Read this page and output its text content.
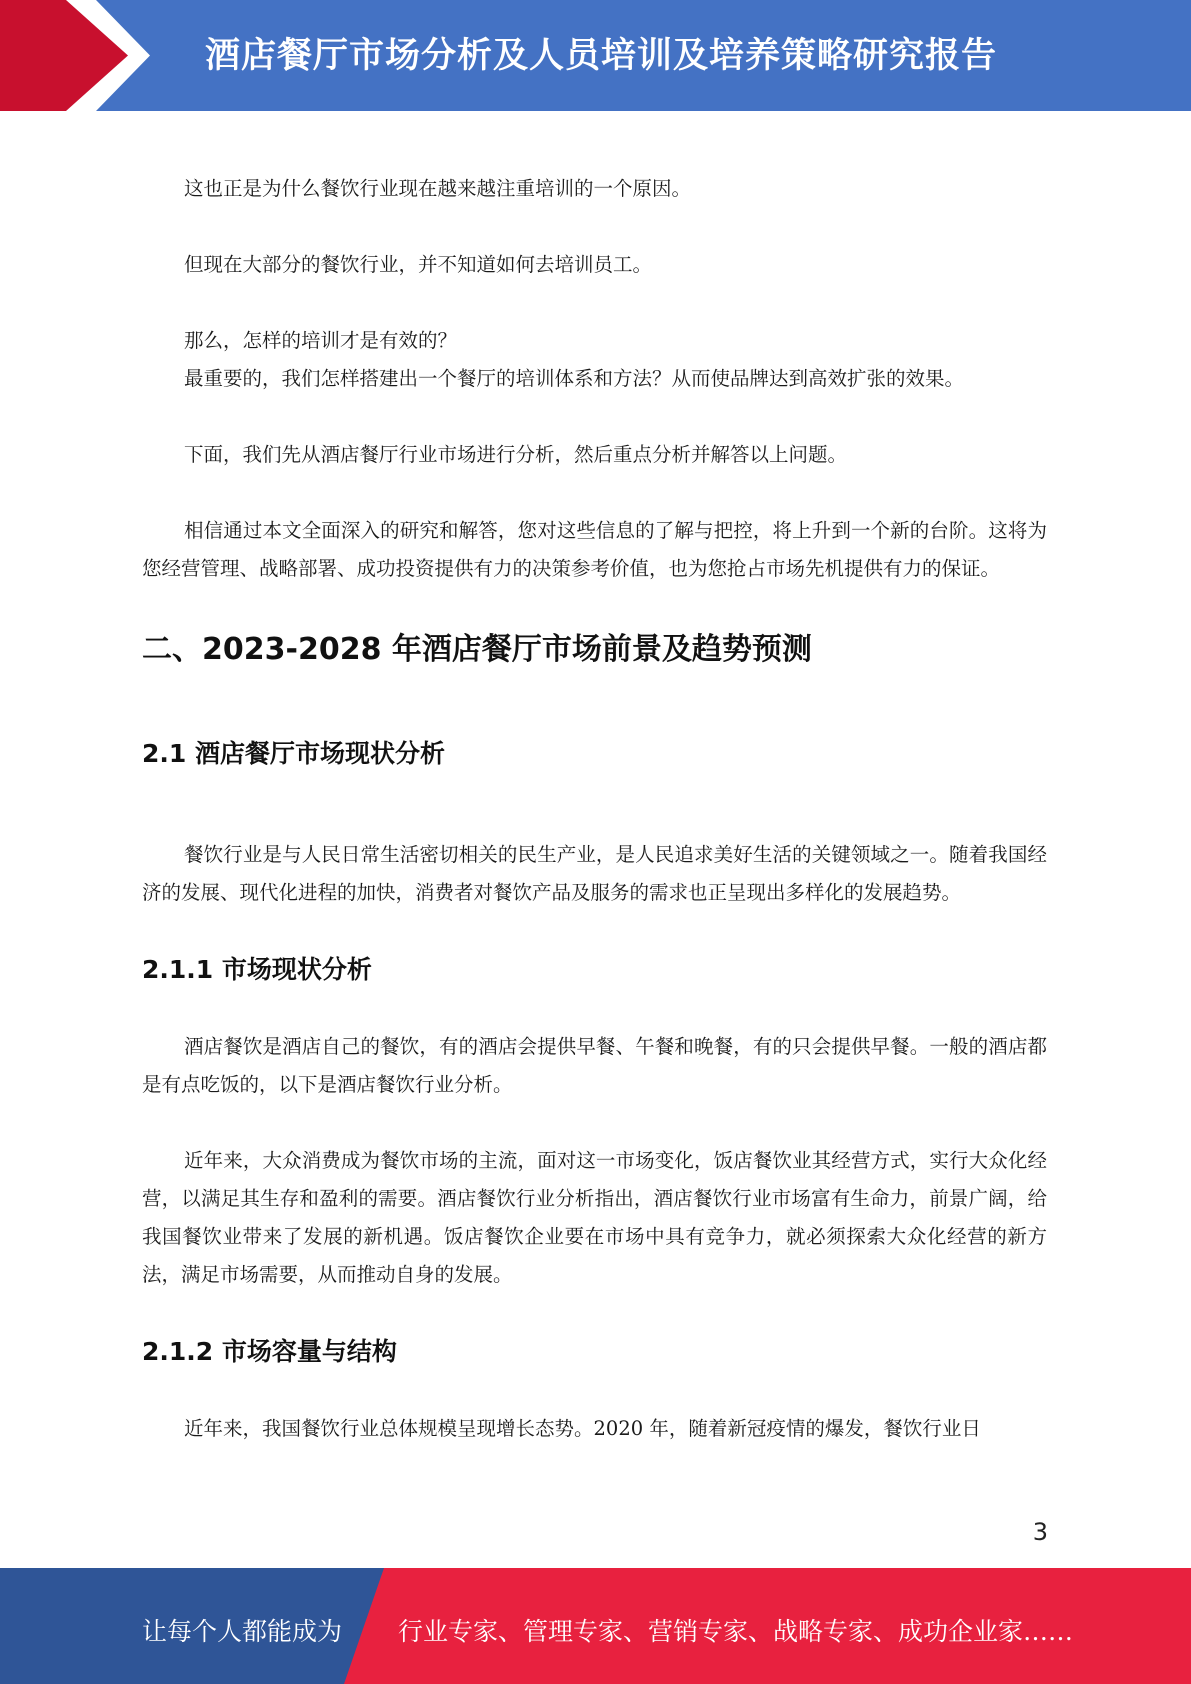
酒店餐厅市场分析及人员培训及培养策略研究报告

这也正是为什么餐饮行业现在越来越注重培训的一个原因。

但现在大部分的餐饮行业，并不知道如何去培训员工。

那么，怎样的培训才是有效的？

最重要的，我们怎样搭建出一个餐厅的培训体系和方法？从而使品牌达到高效扩张的效果。

下面，我们先从酒店餐厅行业市场进行分析，然后重点分析并解答以上问题。

相信通过本文全面深入的研究和解答，您对这些信息的了解与把控，将上升到一个新的台阶。这将为您经营管理、战略部署、成功投资提供有力的决策参考价值，也为您抢占市场先机提供有力的保证。

二、2023-2028 年酒店餐厅市场前景及趋势预测
2.1 酒店餐厅市场现状分析

餐饮行业是与人民日常生活密切相关的民生产业，是人民追求美好生活的关键领域之一。随着我国经济的发展、现代化进程的加快，消费者对餐饮产品及服务的需求也正呈现出多样化的发展趋势。

2.1.1 市场现状分析

酒店餐饮是酒店自己的餐饮，有的酒店会提供早餐、午餐和晚餐，有的只会提供早餐。一般的酒店都是有点吃饭的，以下是酒店餐饮行业分析。

近年来，大众消费成为餐饮市场的主流，面对这一市场变化，饭店餐饮业其经营方式，实行大众化经营，以满足其生存和盈利的需要。酒店餐饮行业分析指出，酒店餐饮行业市场富有生命力，前景广阔，给我国餐饮业带来了发展的新机遇。饭店餐饮企业要在市场中具有竞争力，就必须探索大众化经营的新方法，满足市场需要，从而推动自身的发展。

2.1.2 市场容量与结构

近年来，我国餐饮行业总体规模呈现增长态势。2020 年，随着新冠疫情的爆发，餐饮行业日

3
让每个人都能成为 行业专家、管理专家、营销专家、战略专家、成功企业家……
